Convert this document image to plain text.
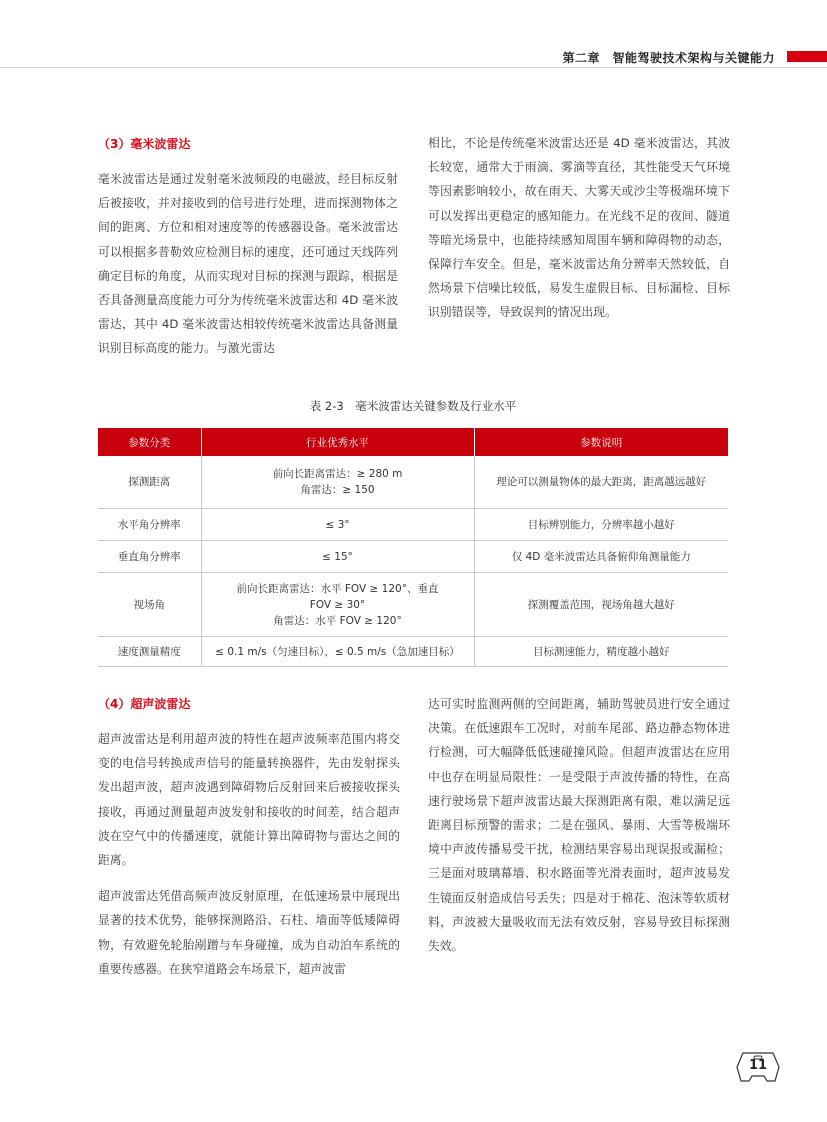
第二章　智能驾驶技术架构与关键能力

（3）毫米波雷达

毫米波雷达是通过发射毫米波频段的电磁波，经目标反射后被接收，并对接收到的信号进行处理，进而探测物体之间的距离、方位和相对速度等的传感器设备。毫米波雷达可以根据多普勒效应检测目标的速度，还可通过天线阵列确定目标的角度，从而实现对目标的探测与跟踪，根据是否具备测量高度能力可分为传统毫米波雷达和 4D 毫米波雷达，其中 4D 毫米波雷达相较传统毫米波雷达具备测量识别目标高度的能力。与激光雷达

相比，不论是传统毫米波雷达还是 4D 毫米波雷达，其波长较宽，通常大于雨滴、雾滴等直径，其性能受天气环境等因素影响较小，故在雨天、大雾天或沙尘等极端环境下可以发挥出更稳定的感知能力。在光线不足的夜间、隧道等暗光场景中，也能持续感知周围车辆和障碍物的动态，保障行车安全。但是，毫米波雷达角分辨率天然较低，自然场景下信噪比较低，易发生虚假目标、目标漏检、目标识别错误等，导致误判的情况出现。

表 2-3　毫米波雷达关键参数及行业水平
参数分类	行业优秀水平	参数说明
探测距离	前向长距离雷达：≥ 280 m
角雷达：≥ 150	理论可以测量物体的最大距离，距离越远越好
水平角分辨率	≤ 3°	目标辨别能力，分辨率越小越好
垂直角分辨率	≤ 15°	仅 4D 毫米波雷达具备俯仰角测量能力
视场角	前向长距离雷达：水平 FOV ≥ 120°、垂直
FOV ≥ 30°
角雷达：水平 FOV ≥ 120°	探测覆盖范围，视场角越大越好
速度测量精度	≤ 0.1 m/s（匀速目标），≤ 0.5 m/s（急加速目标）	目标测速能力，精度越小越好

（4）超声波雷达

超声波雷达是利用超声波的特性在超声波频率范围内将交变的电信号转换成声信号的能量转换器件，先由发射探头发出超声波，超声波遇到障碍物后反射回来后被接收探头接收，再通过测量超声波发射和接收的时间差，结合超声波在空气中的传播速度，就能计算出障碍物与雷达之间的距离。

超声波雷达凭借高频声波反射原理，在低速场景中展现出显著的技术优势，能够探测路沿、石柱、墙面等低矮障碍物，有效避免轮胎剐蹭与车身碰撞，成为自动泊车系统的重要传感器。在狭窄道路会车场景下，超声波雷

达可实时监测两侧的空间距离，辅助驾驶员进行安全通过决策。在低速跟车工况时，对前车尾部、路边静态物体进行检测，可大幅降低低速碰撞风险。但超声波雷达在应用中也存在明显局限性：一是受限于声波传播的特性，在高速行驶场景下超声波雷达最大探测距离有限，难以满足远距离目标预警的需求；二是在强风、暴雨、大雪等极端环境中声波传播易受干扰，检测结果容易出现误报或漏检；三是面对玻璃幕墙、积水路面等光滑表面时，超声波易发生镜面反射造成信号丢失；四是对于棉花、泡沫等软质材料，声波被大量吸收而无法有效反射，容易导致目标探测失效。

11
